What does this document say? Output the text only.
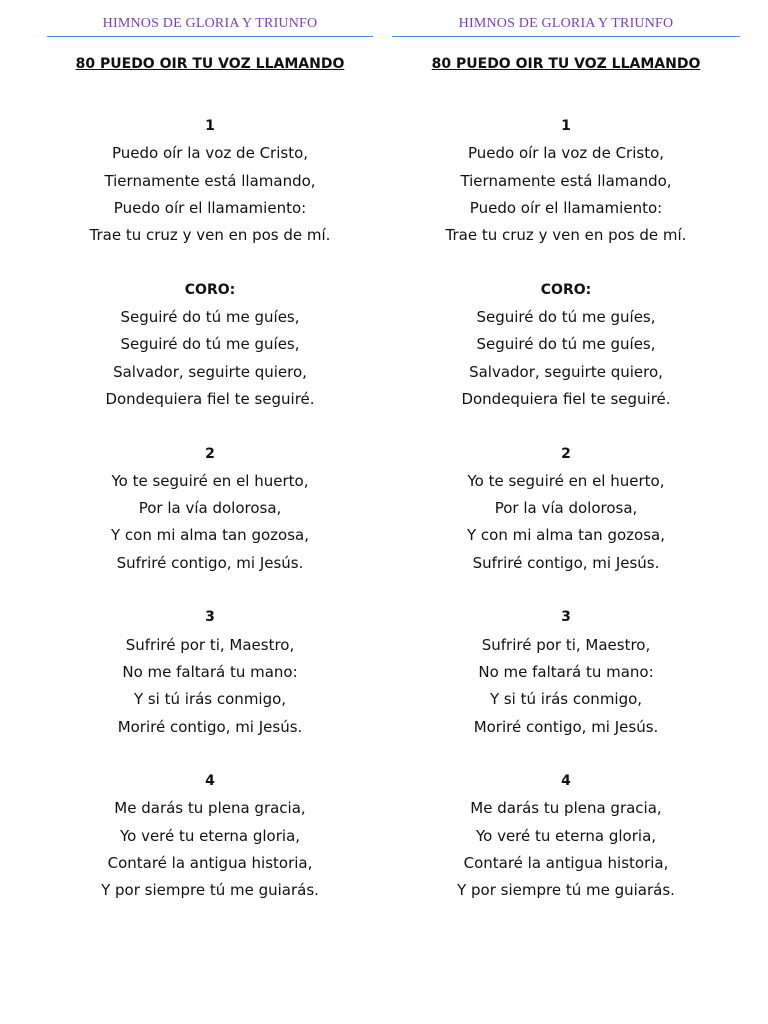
HIMNOS DE GLORIA Y TRIUNFO
80 PUEDO OIR TU VOZ LLAMANDO
1
Puedo oír la voz de Cristo,
Tiernamente está llamando,
Puedo oír el llamamiento:
Trae tu cruz y ven en pos de mí.
CORO:
Seguiré do tú me guíes,
Seguiré do tú me guíes,
Salvador, seguirte quiero,
Dondequiera fiel te seguiré.
2
Yo te seguiré en el huerto,
Por la vía dolorosa,
Y con mi alma tan gozosa,
Sufriré contigo, mi Jesús.
3
Sufriré por ti, Maestro,
No me faltará tu mano:
Y si tú irás conmigo,
Moriré contigo, mi Jesús.
4
Me darás tu plena gracia,
Yo veré tu eterna gloria,
Contaré la antigua historia,
Y por siempre tú me guiarás.
HIMNOS DE GLORIA Y TRIUNFO
80 PUEDO OIR TU VOZ LLAMANDO
1
Puedo oír la voz de Cristo,
Tiernamente está llamando,
Puedo oír el llamamiento:
Trae tu cruz y ven en pos de mí.
CORO:
Seguiré do tú me guíes,
Seguiré do tú me guíes,
Salvador, seguirte quiero,
Dondequiera fiel te seguiré.
2
Yo te seguiré en el huerto,
Por la vía dolorosa,
Y con mi alma tan gozosa,
Sufriré contigo, mi Jesús.
3
Sufriré por ti, Maestro,
No me faltará tu mano:
Y si tú irás conmigo,
Moriré contigo, mi Jesús.
4
Me darás tu plena gracia,
Yo veré tu eterna gloria,
Contaré la antigua historia,
Y por siempre tú me guiarás.
